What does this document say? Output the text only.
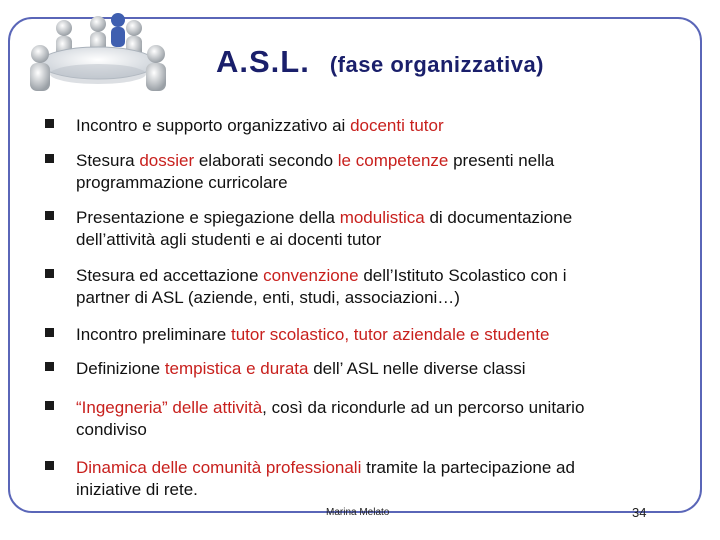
A.S.L. (fase organizzativa)
Incontro e supporto organizzativo ai docenti tutor
Stesura dossier elaborati secondo le competenze presenti nella
programmazione curricolare
Presentazione e spiegazione della modulistica di documentazione
dell’attività agli studenti e ai docenti tutor
Stesura ed accettazione convenzione dell’Istituto Scolastico con i
partner di ASL (aziende, enti, studi, associazioni…)
Incontro preliminare tutor scolastico, tutor aziendale e studente
Definizione tempistica e durata dell’ ASL nelle diverse classi
“Ingegneria” delle attività, così da ricondurle ad un percorso unitario
condiviso
Dinamica delle comunità professionali tramite la partecipazione ad
iniziative di rete.
Marina Melato	34
